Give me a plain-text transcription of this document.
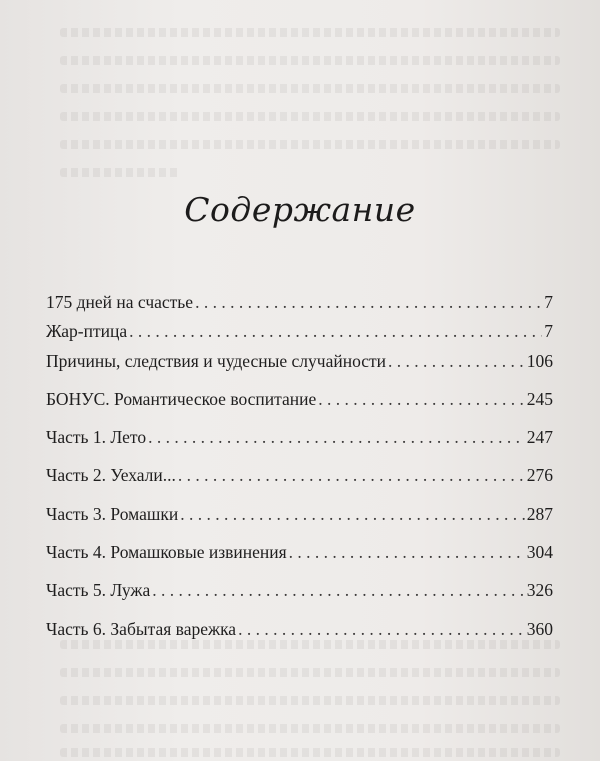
Содержание
175 дней на счастье . . .	7
Жар-птица . . .	7
Причины, следствия и чудесные случайности . . .	106
БОНУС. Романтическое воспитание . . .	245
Часть 1. Лето . . .	247
Часть 2. Уехали... . . .	276
Часть 3. Ромашки . . .	287
Часть 4. Ромашковые извинения . . .	304
Часть 5. Лужа . . .	326
Часть 6. Забытая варежка . . .	360
